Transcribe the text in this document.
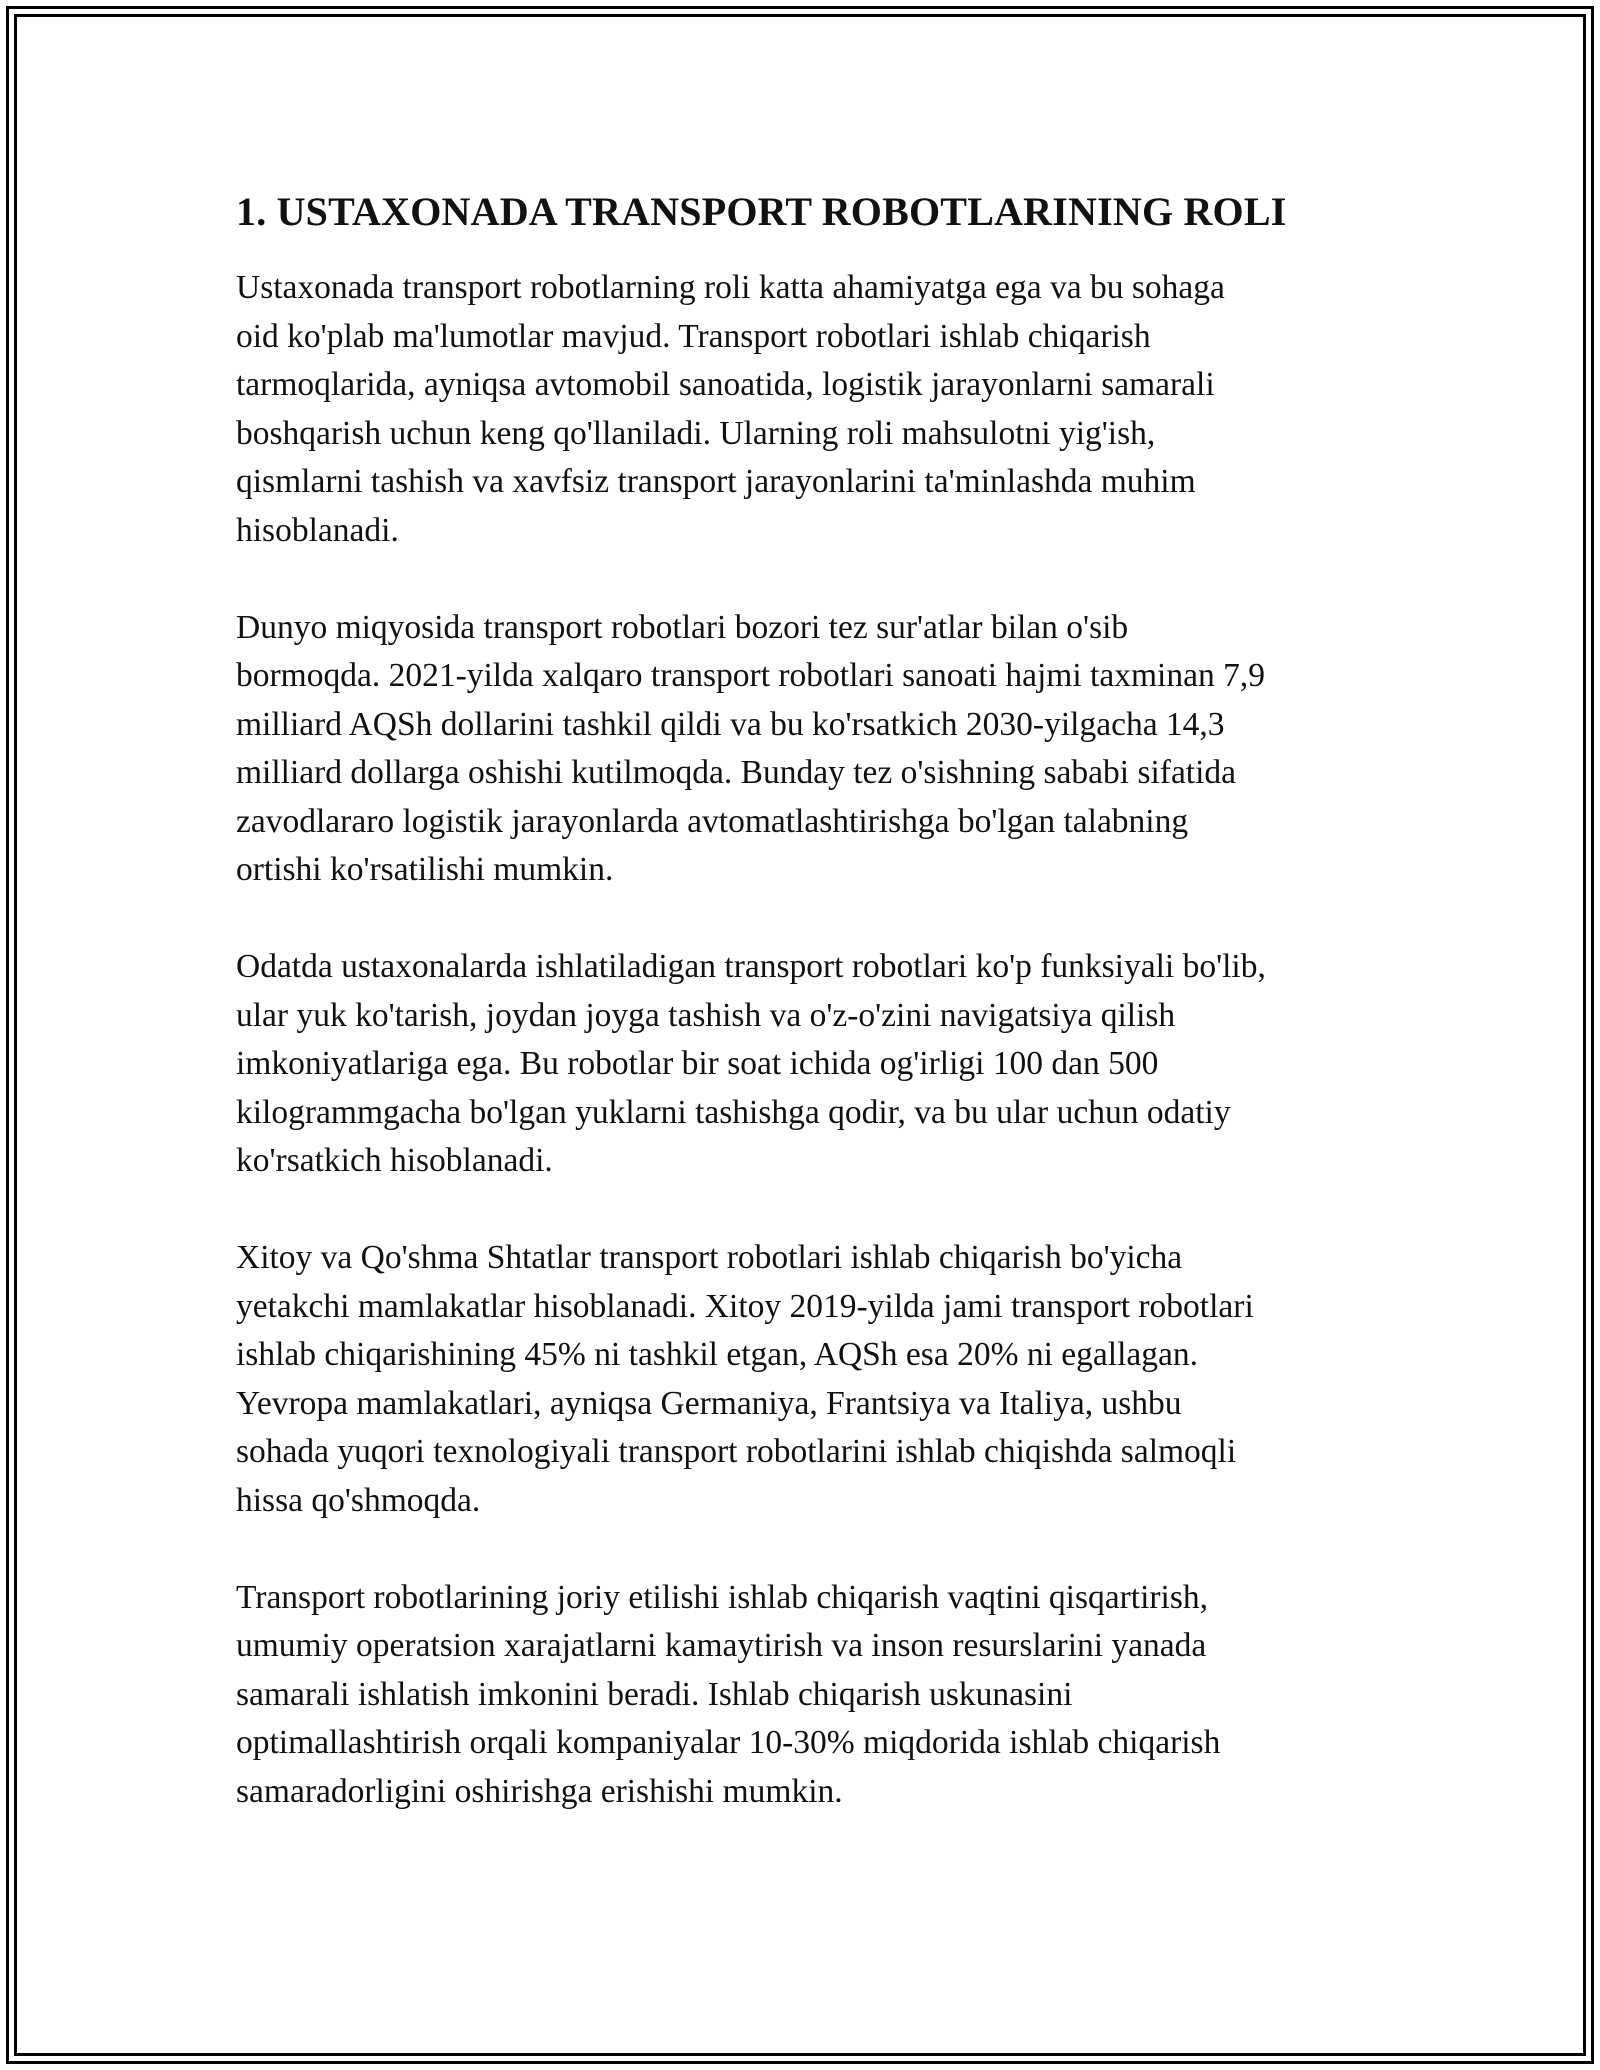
1. USTAXONADA TRANSPORT ROBOTLARINING ROLI

Ustaxonada transport robotlarning roli katta ahamiyatga ega va bu sohaga
oid ko'plab ma'lumotlar mavjud. Transport robotlari ishlab chiqarish
tarmoqlarida, ayniqsa avtomobil sanoatida, logistik jarayonlarni samarali
boshqarish uchun keng qo'llaniladi. Ularning roli mahsulotni yig'ish,
qismlarni tashish va xavfsiz transport jarayonlarini ta'minlashda muhim
hisoblanadi.

Dunyo miqyosida transport robotlari bozori tez sur'atlar bilan o'sib
bormoqda. 2021-yilda xalqaro transport robotlari sanoati hajmi taxminan 7,9
milliard AQSh dollarini tashkil qildi va bu ko'rsatkich 2030-yilgacha 14,3
milliard dollarga oshishi kutilmoqda. Bunday tez o'sishning sababi sifatida
zavodlararo logistik jarayonlarda avtomatlashtirishga bo'lgan talabning
ortishi ko'rsatilishi mumkin.

Odatda ustaxonalarda ishlatiladigan transport robotlari ko'p funksiyali bo'lib,
ular yuk ko'tarish, joydan joyga tashish va o'z-o'zini navigatsiya qilish
imkoniyatlariga ega. Bu robotlar bir soat ichida og'irligi 100 dan 500
kilogrammgacha bo'lgan yuklarni tashishga qodir, va bu ular uchun odatiy
ko'rsatkich hisoblanadi.

Xitoy va Qo'shma Shtatlar transport robotlari ishlab chiqarish bo'yicha
yetakchi mamlakatlar hisoblanadi. Xitoy 2019-yilda jami transport robotlari
ishlab chiqarishining 45% ni tashkil etgan, AQSh esa 20% ni egallagan.
Yevropa mamlakatlari, ayniqsa Germaniya, Frantsiya va Italiya, ushbu
sohada yuqori texnologiyali transport robotlarini ishlab chiqishda salmoqli
hissa qo'shmoqda.

Transport robotlarining joriy etilishi ishlab chiqarish vaqtini qisqartirish,
umumiy operatsion xarajatlarni kamaytirish va inson resurslarini yanada
samarali ishlatish imkonini beradi. Ishlab chiqarish uskunasini
optimallashtirish orqali kompaniyalar 10-30% miqdorida ishlab chiqarish
samaradorligini oshirishga erishishi mumkin.
